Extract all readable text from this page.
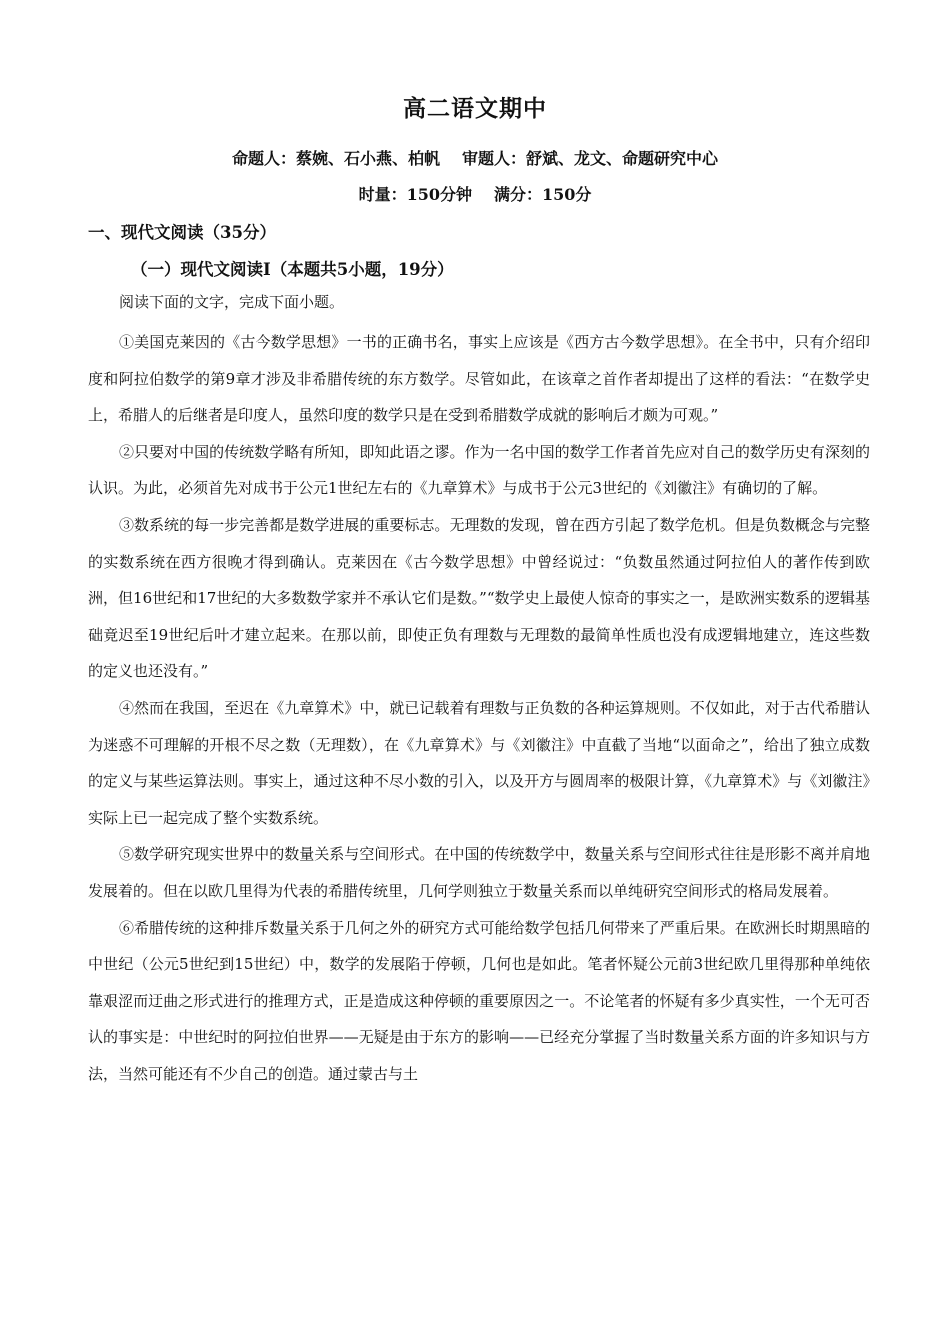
高二语文期中
命题人：蔡婉、石小燕、柏帆 审题人：舒斌、龙文、命题研究中心
时量：150分钟 满分：150分
一、现代文阅读（35分）
（一）现代文阅读Ⅰ（本题共5小题，19分）

阅读下面的文字，完成下面小题。

①美国克莱因的《古今数学思想》一书的正确书名，事实上应该是《西方古今数学思想》。在全书中，只有介绍印度和阿拉伯数学的第9章才涉及非希腊传统的东方数学。尽管如此，在该章之首作者却提出了这样的看法：“在数学史上，希腊人的后继者是印度人，虽然印度的数学只是在受到希腊数学成就的影响后才颇为可观。”

②只要对中国的传统数学略有所知，即知此语之谬。作为一名中国的数学工作者首先应对自己的数学历史有深刻的认识。为此，必须首先对成书于公元1世纪左右的《九章算术》与成书于公元3世纪的《刘徽注》有确切的了解。

③数系统的每一步完善都是数学进展的重要标志。无理数的发现，曾在西方引起了数学危机。但是负数概念与完整的实数系统在西方很晚才得到确认。克莱因在《古今数学思想》中曾经说过：“负数虽然通过阿拉伯人的著作传到欧洲，但16世纪和17世纪的大多数数学家并不承认它们是数。”“数学史上最使人惊奇的事实之一，是欧洲实数系的逻辑基础竟迟至19世纪后叶才建立起来。在那以前，即使正负有理数与无理数的最简单性质也没有成逻辑地建立，连这些数的定义也还没有。”

④然而在我国，至迟在《九章算术》中，就已记载着有理数与正负数的各种运算规则。不仅如此，对于古代希腊认为迷惑不可理解的开根不尽之数（无理数），在《九章算术》与《刘徽注》中直截了当地“以面命之”，给出了独立成数的定义与某些运算法则。事实上，通过这种不尽小数的引入，以及开方与圆周率的极限计算，《九章算术》与《刘徽注》实际上已一起完成了整个实数系统。

⑤数学研究现实世界中的数量关系与空间形式。在中国的传统数学中，数量关系与空间形式往往是形影不离并肩地发展着的。但在以欧几里得为代表的希腊传统里，几何学则独立于数量关系而以单纯研究空间形式的格局发展着。

⑥希腊传统的这种排斥数量关系于几何之外的研究方式可能给数学包括几何带来了严重后果。在欧洲长时期黑暗的中世纪（公元5世纪到15世纪）中，数学的发展陷于停顿，几何也是如此。笔者怀疑公元前3世纪欧几里得那种单纯依靠艰涩而迂曲之形式进行的推理方式，正是造成这种停顿的重要原因之一。不论笔者的怀疑有多少真实性，一个无可否认的事实是：中世纪时的阿拉伯世界——无疑是由于东方的影响——已经充分掌握了当时数量关系方面的许多知识与方法，当然可能还有不少自己的创造。通过蒙古与土
